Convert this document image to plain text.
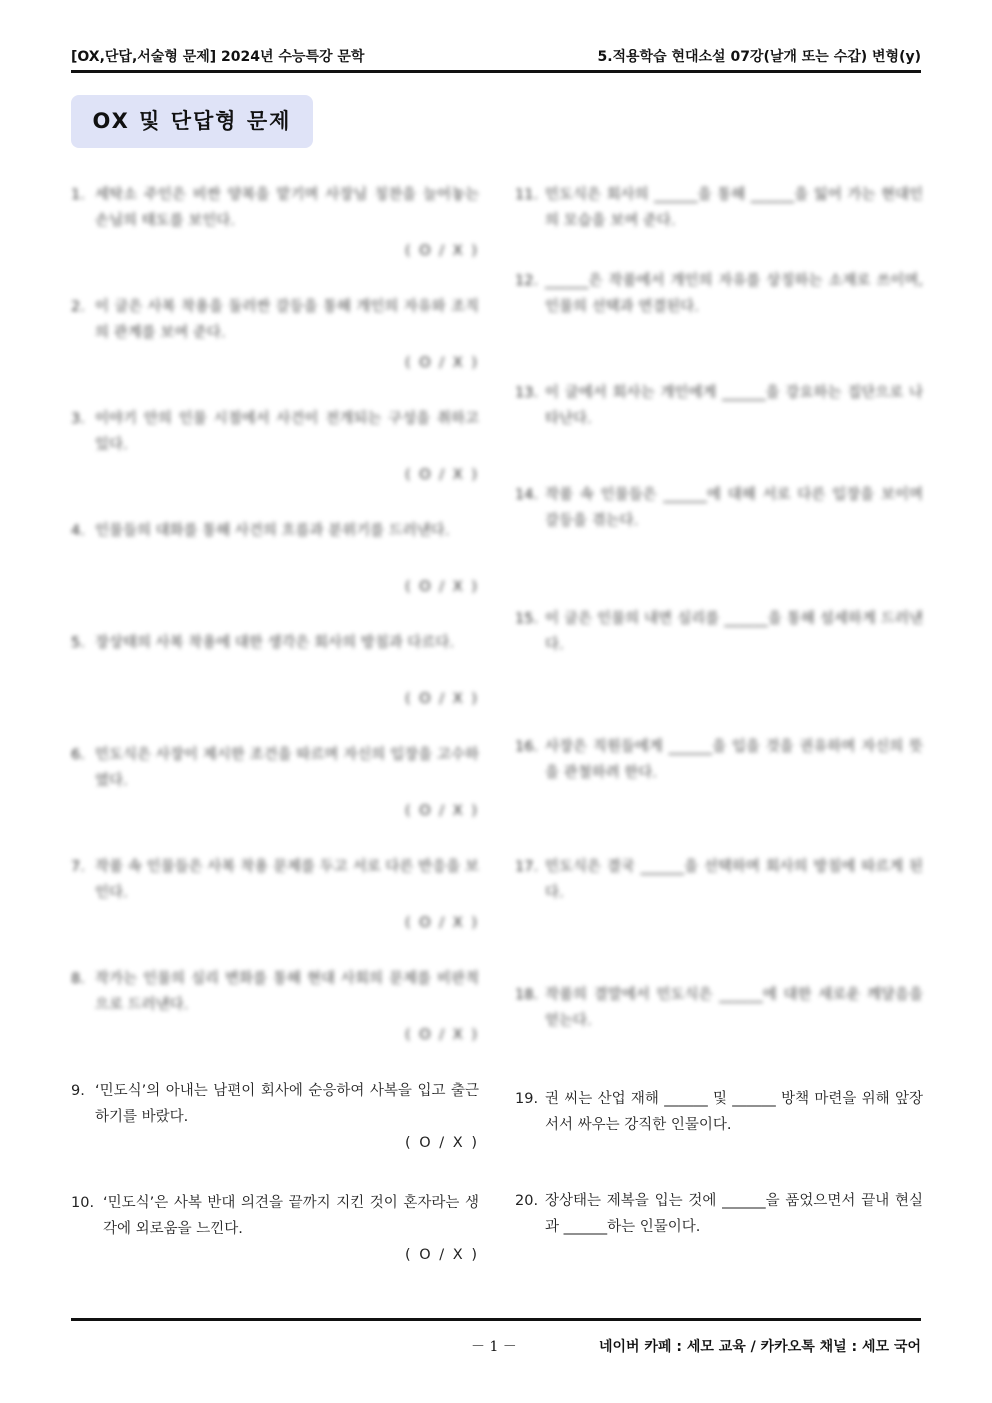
[OX,단답,서술형 문제] 2024년 수능특강 문학	5.적용학습 현대소설 07강(날개 또는 수갑) 변형(y)
OX 및 단답형 문제
1. 세탁소 주인은 비싼 양복을 맡기며 사장님 칭찬을 늘어놓는 손님의 태도를 보인다.
( O / X )
2. 이 글은 사복 착용을 둘러싼 갈등을 통해 개인의 자유와 조직의 관계를 보여 준다.
( O / X )
3. 이야기 안의 인물 시점에서 사건이 전개되는 구성을 취하고 있다.
( O / X )
4. 인물들의 대화를 통해 사건의 흐름과 분위기를 드러낸다.
( O / X )
5. 장상태의 사복 착용에 대한 생각은 회사의 방침과 다르다.
( O / X )
6. 민도식은 사장이 제시한 조건을 따르며 자신의 입장을 고수하였다.
( O / X )
7. 작품 속 인물들은 사복 착용 문제를 두고 서로 다른 반응을 보인다.
( O / X )
8. 작가는 인물의 심리 변화를 통해 현대 사회의 문제를 비판적으로 드러낸다.
( O / X )
9. ‘민도식’의 아내는 남편이 회사에 순응하여 사복을 입고 출근하기를 바랐다.
( O / X )
10. ‘민도식’은 사복 반대 의견을 끝까지 지킨 것이 혼자라는 생각에 외로움을 느낀다.
( O / X )
11. 민도식은 회사의 ______을 통해 ______을 잃어 가는 현대인의 모습을 보여 준다.
12. ______은 작품에서 개인의 자유를 상징하는 소재로 쓰이며, 인물의 선택과 연결된다.
13. 이 글에서 회사는 개인에게 ______을 강요하는 집단으로 나타난다.
14. 작품 속 인물들은 ______에 대해 서로 다른 입장을 보이며 갈등을 겪는다.
15. 이 글은 인물의 내면 심리를 ______을 통해 섬세하게 드러낸다.
16. 사장은 직원들에게 ______을 입을 것을 권유하며 자신의 뜻을 관철하려 한다.
17. 민도식은 결국 ______을 선택하며 회사의 방침에 따르게 된다.
18. 작품의 결말에서 민도식은 ______에 대한 새로운 깨달음을 얻는다.
19. 권 씨는 산업 재해 ______ 및 ______ 방책 마련을 위해 앞장 서서 싸우는 강직한 인물이다.
20. 장상태는 제복을 입는 것에 ______을 품었으면서 끝내 현실과 ______하는 인물이다.
－ 1 －	네이버 카페 : 세모 교육 / 카카오톡 채널 : 세모 국어
